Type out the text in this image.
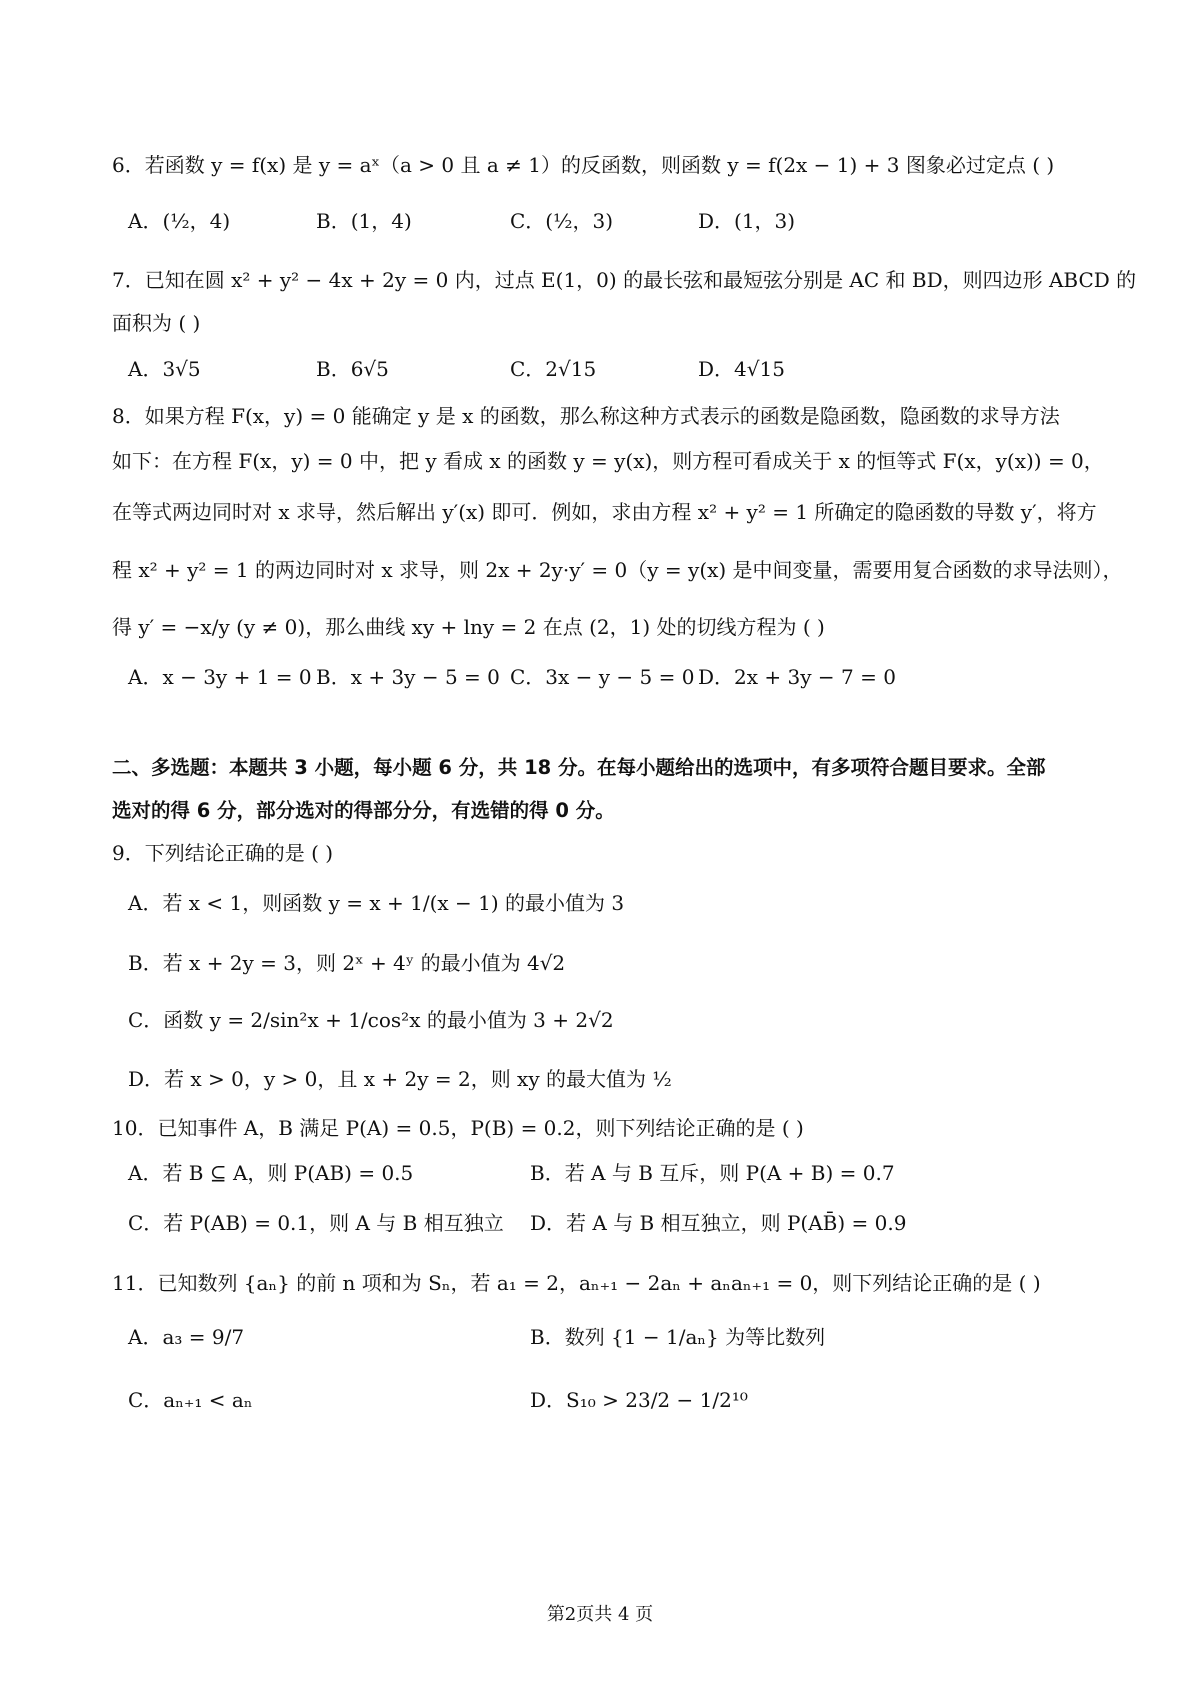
6．若函数 y = f(x) 是 y = aˣ（a > 0 且 a ≠ 1）的反函数，则函数 y = f(2x − 1) + 3 图象必过定点 ( )
A．(½，4)	B．(1，4)	C．(½，3)	D．(1，3)
7．已知在圆 x² + y² − 4x + 2y = 0 内，过点 E(1，0) 的最长弦和最短弦分别是 AC 和 BD，则四边形 ABCD 的
面积为 ( )
A．3√5	B．6√5	C．2√15	D．4√15
8．如果方程 F(x，y) = 0 能确定 y 是 x 的函数，那么称这种方式表示的函数是隐函数，隐函数的求导方法
如下：在方程 F(x，y) = 0 中，把 y 看成 x 的函数 y = y(x)，则方程可看成关于 x 的恒等式 F(x，y(x)) = 0，
在等式两边同时对 x 求导，然后解出 y′(x) 即可．例如，求由方程 x² + y² = 1 所确定的隐函数的导数 y′，将方
程 x² + y² = 1 的两边同时对 x 求导，则 2x + 2y·y′ = 0（y = y(x) 是中间变量，需要用复合函数的求导法则），
得 y′ = −x/y (y ≠ 0)，那么曲线 xy + lny = 2 在点 (2，1) 处的切线方程为 ( )
A．x − 3y + 1 = 0 B．x + 3y − 5 = 0 C．3x − y − 5 = 0 D．2x + 3y − 7 = 0
二、多选题：本题共 3 小题，每小题 6 分，共 18 分。在每小题给出的选项中，有多项符合题目要求。全部
选对的得 6 分，部分选对的得部分分，有选错的得 0 分。
9．下列结论正确的是 ( )
A．若 x < 1，则函数 y = x + 1/(x − 1) 的最小值为 3
B．若 x + 2y = 3，则 2ˣ + 4ʸ 的最小值为 4√2
C．函数 y = 2/sin²x + 1/cos²x 的最小值为 3 + 2√2
D．若 x > 0，y > 0，且 x + 2y = 2，则 xy 的最大值为 ½
10．已知事件 A，B 满足 P(A) = 0.5，P(B) = 0.2，则下列结论正确的是 ( )
A．若 B ⊆ A，则 P(AB) = 0.5	B．若 A 与 B 互斥，则 P(A + B) = 0.7
C．若 P(AB) = 0.1，则 A 与 B 相互独立 D．若 A 与 B 相互独立，则 P(AB̄) = 0.9
11．已知数列 {aₙ} 的前 n 项和为 Sₙ，若 a₁ = 2，aₙ₊₁ − 2aₙ + aₙaₙ₊₁ = 0，则下列结论正确的是 ( )
A．a₃ = 9/7	B．数列 {1 − 1/aₙ} 为等比数列
C．aₙ₊₁ < aₙ	D．S₁₀ > 23/2 − 1/2¹⁰
第2页共 4 页
